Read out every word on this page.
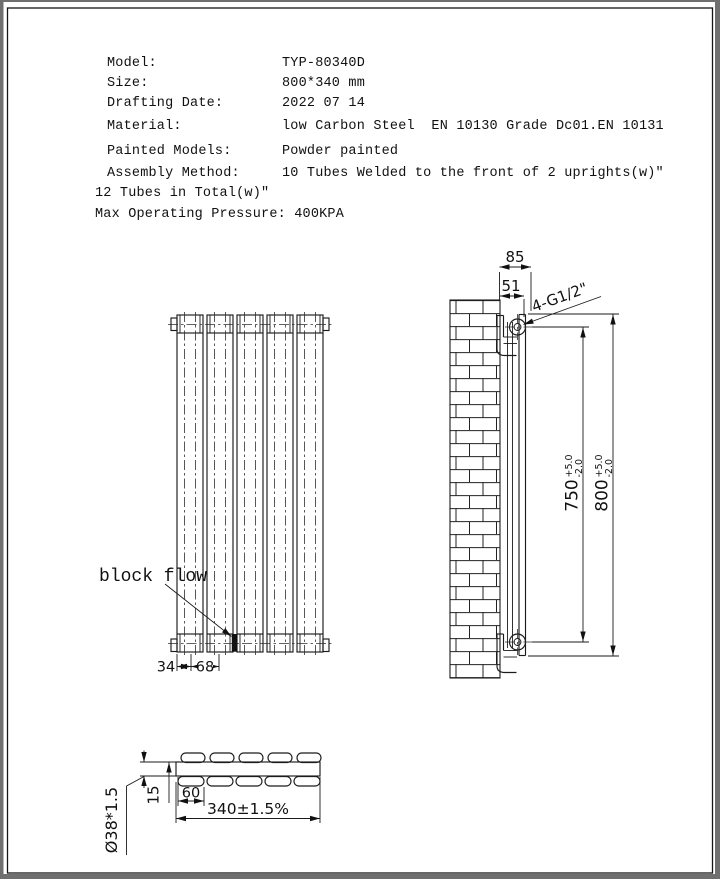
Model:	TYP-80340D
Size:	800*340 mm
Drafting Date:	2022 07 14
Material:	low Carbon Steel  EN 10130 Grade Dc01.EN 10131
Painted Models:	Powder painted
Assembly Method:	10 Tubes Welded to the front of 2 uprights(w)"
12 Tubes in Total(w)"
Max Operating Pressure: 400KPA
block flow
34 68
85
51 4-G1/2"
750
+5.0 -2.0
800
+5.0 -2.0
Ø38*1.5 15 60
340±1.5%
